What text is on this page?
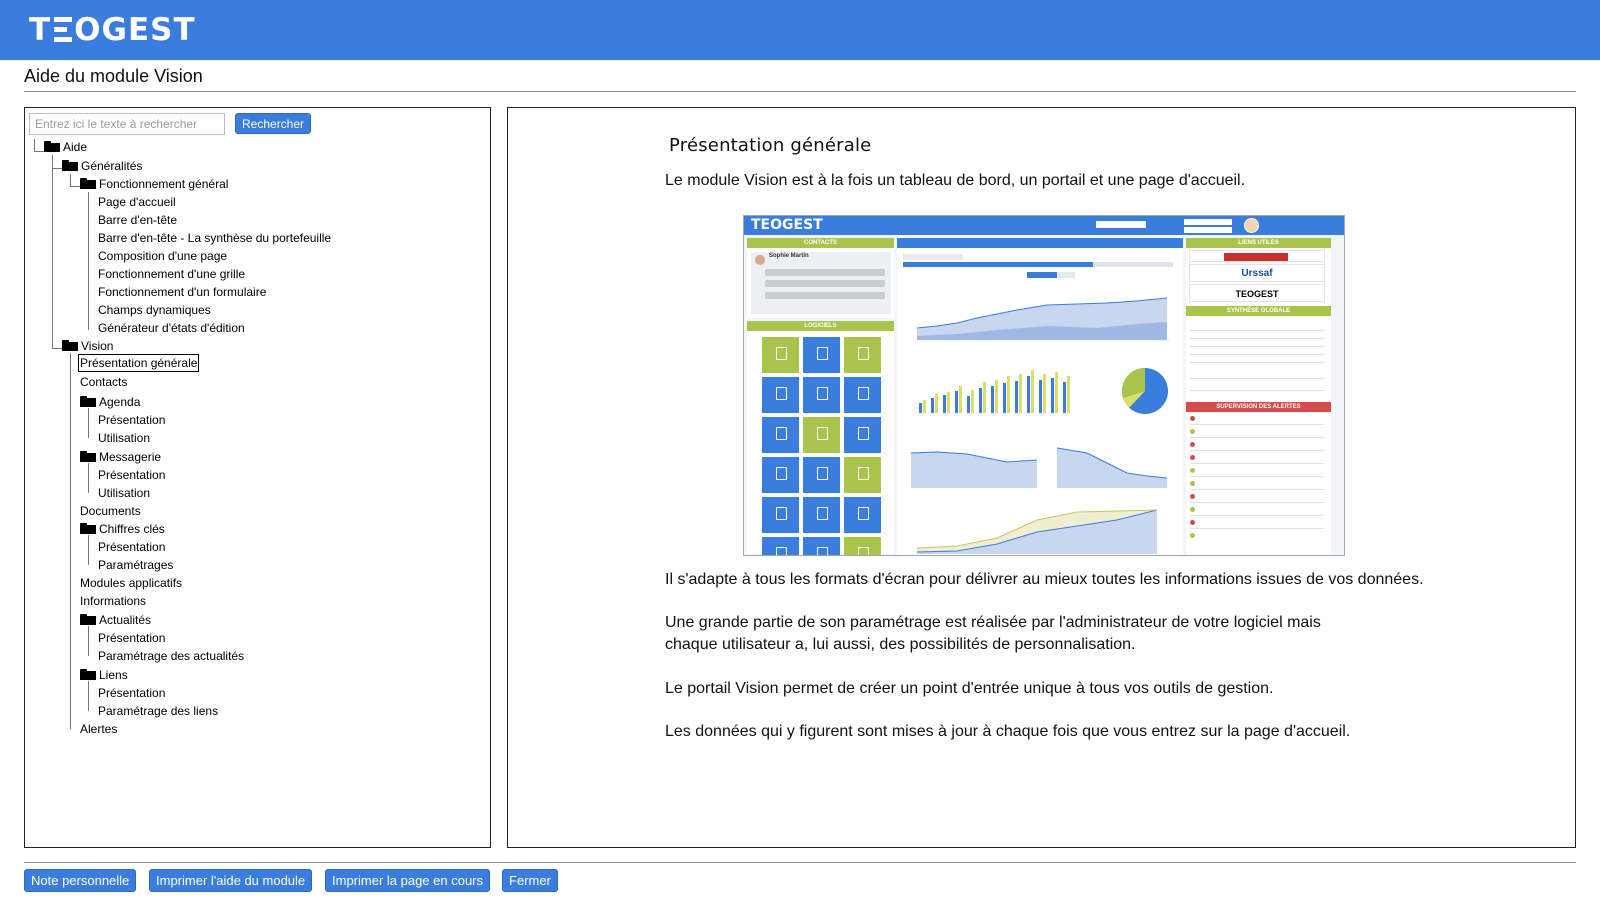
T OGEST
Aide du module Vision
Entrez ici le texte à rechercher
Rechercher
Aide
Généralités
Fonctionnement général
Page d'accueil
Barre d'en-tête
Barre d'en-tête - La synthèse du portefeuille
Composition d'une page
Fonctionnement d'une grille
Fonctionnement d'un formulaire
Champs dynamiques
Générateur d'états d'édition
Vision
Présentation générale
Contacts
Agenda
Présentation
Utilisation
Messagerie
Présentation
Utilisation
Documents
Chiffres clés
Présentation
Paramétrages
Modules applicatifs
Informations
Actualités
Présentation
Paramétrage des actualités
Liens
Présentation
Paramétrage des liens
Alertes
Présentation générale
Le module Vision est à la fois un tableau de bord, un portail et une page d'accueil.
TEOGEST
CONTACTS
Sophie Martin
LOGICIELS
LIENS UTILES
Urssaf
TEOGEST
SYNTHÈSE GLOBALE
SUPERVISION DES ALERTES
Il s'adapte à tous les formats d'écran pour délivrer au mieux toutes les informations issues de vos données.
Une grande partie de son paramétrage est réalisée par l'administrateur de votre logiciel mais chaque utilisateur a, lui aussi, des possibilités de personnalisation.
Le portail Vision permet de créer un point d'entrée unique à tous vos outils de gestion.
Les données qui y figurent sont mises à jour à chaque fois que vous entrez sur la page d'accueil.
Note personnelle	Imprimer l'aide du module	Imprimer la page en cours	Fermer
